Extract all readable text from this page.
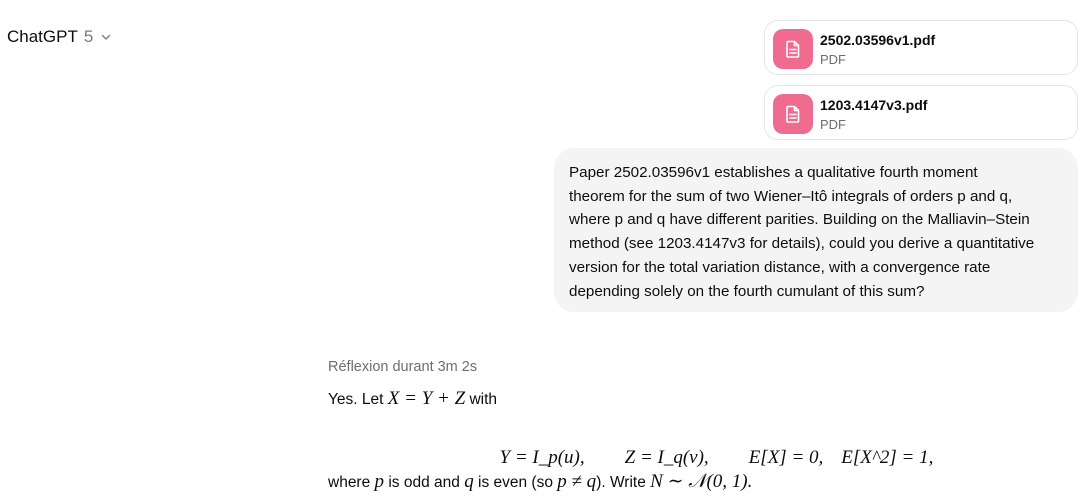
ChatGPT 5	2502.03596v1.pdf
PDF
1203.4147v3.pdf
PDF

Paper 2502.03596v1 establishes a qualitative fourth moment

theorem for the sum of two Wiener–Itô integrals of orders p and q,

where p and q have different parities. Building on the Malliavin–Stein

method (see 1203.4147v3 for details), could you derive a quantitative

version for the total variation distance, with a convergence rate

depending solely on the fourth cumulant of this sum?

Réflexion durant 3m 2s
Yes. Let X = Y + Z with

Y = I_p(u), Z = I_q(v), E[X] = 0, E[X^2] = 1,

where p is odd and q is even (so p ≠ q). Write N ∼ 𝒩(0, 1).
